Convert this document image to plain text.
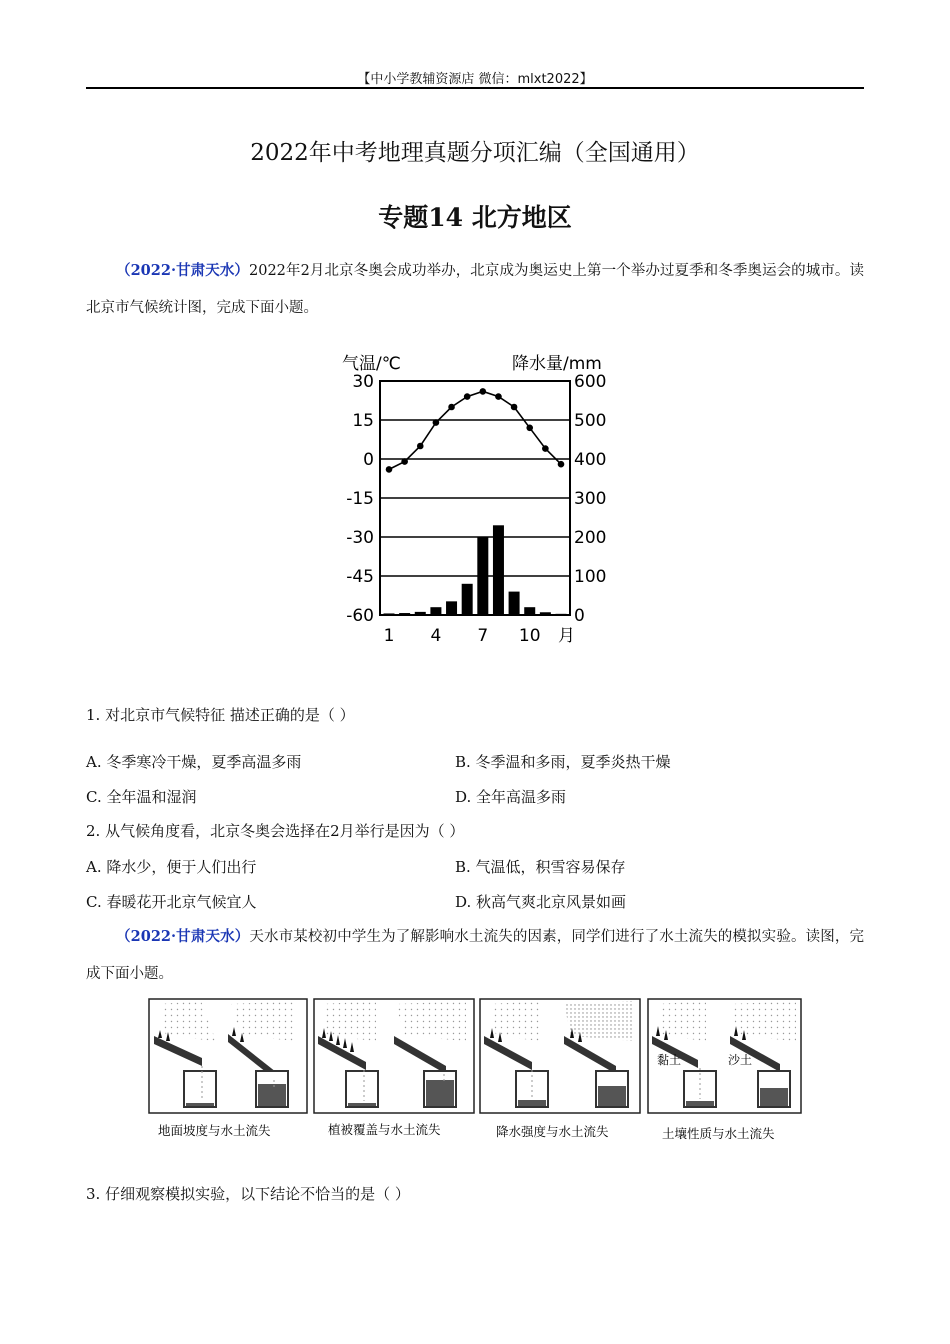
【中小学教辅资源店 微信：mlxt2022】
2022年中考地理真题分项汇编（全国通用）
专题14 北方地区
（2022·甘肃天水）2022年2月北京冬奥会成功举办，北京成为奥运史上第一个举办过夏季和冬季奥运会的城市。读北京市气候统计图，完成下面小题。
气温/℃	降水量/mm
30
15
0
-15
-30
-45
-60
600
500
400
300
200
100
0
1 4 7 10 月
1. 对北京市气候特征 描述正确的是（ ）
A. 冬季寒冷干燥，夏季高温多雨	B. 冬季温和多雨，夏季炎热干燥
C. 全年温和湿润	D. 全年高温多雨
2. 从气候角度看，北京冬奥会选择在2月举行是因为（ ）
A. 降水少，便于人们出行	B. 气温低，积雪容易保存
C. 春暖花开北京气候宜人	D. 秋高气爽北京风景如画
（2022·甘肃天水）天水市某校初中学生为了解影响水土流失的因素，同学们进行了水土流失的模拟实验。读图，完成下面小题。
黏土	沙土
地面坡度与水土流失	植被覆盖与水土流失	降水强度与水土流失	土壤性质与水土流失
3. 仔细观察模拟实验，以下结论不恰当的是（ ）
